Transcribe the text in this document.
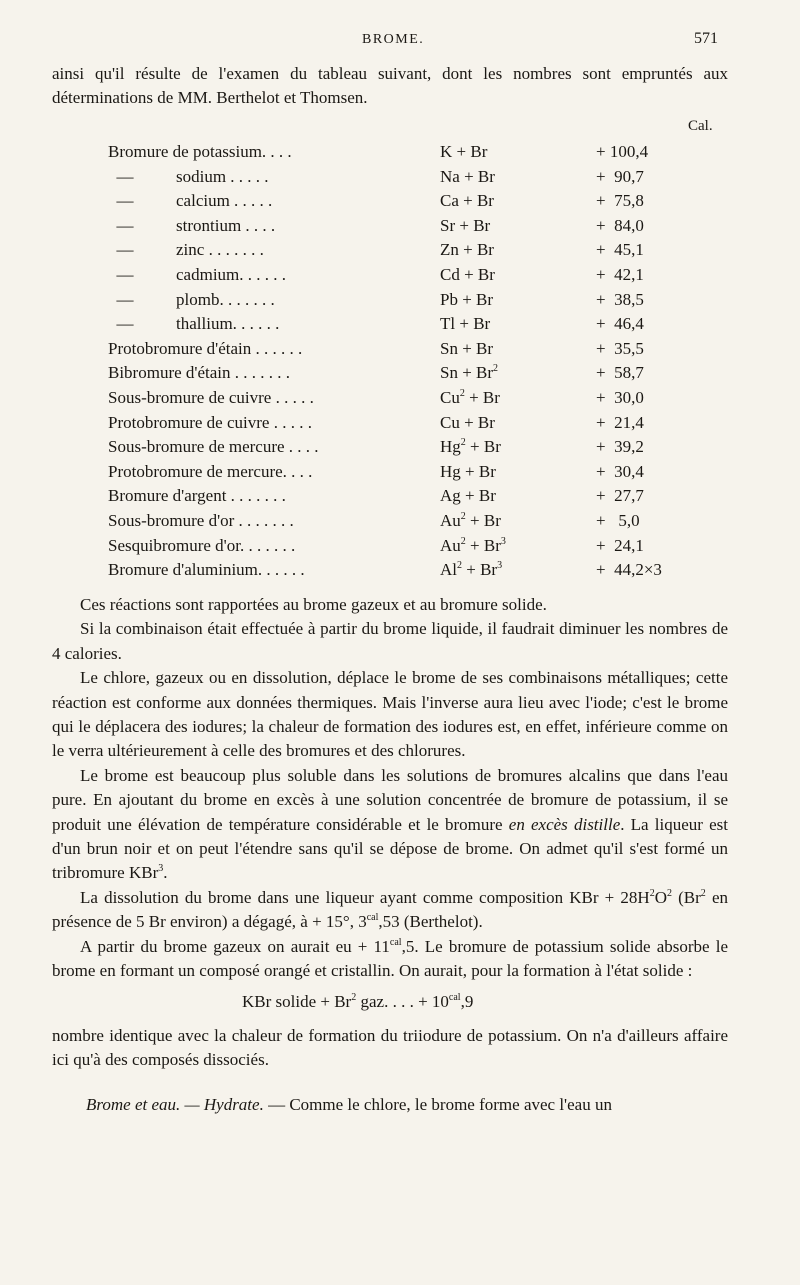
BROME.	571

ainsi qu'il résulte de l'examen du tableau suivant, dont les nombres sont empruntés aux déterminations de MM. Berthelot et Thomsen.

Cal.
Bromure de potassium. . . .	K + Br	+ 100,4
—          sodium . . . . .	Na + Br	+  90,7
—          calcium . . . . .	Ca + Br	+  75,8
—          strontium . . . .	Sr + Br	+  84,0
—          zinc . . . . . . .	Zn + Br	+  45,1
—          cadmium. . . . . .	Cd + Br	+  42,1
—          plomb. . . . . . .	Pb + Br	+  38,5
—          thallium. . . . . .	Tl + Br	+  46,4
Protobromure d'étain . . . . . .	Sn + Br	+  35,5
Bibromure d'étain . . . . . . .	$Sn + Br^2$	+  58,7
Sous-bromure de cuivre . . . . .	$Cu^2 + Br$	+  30,0
Protobromure de cuivre . . . . .	Cu + Br	+  21,4
Sous-bromure de mercure . . . .	$Hg^2 + Br$	+  39,2
Protobromure de mercure. . . .	Hg + Br	+  30,4
Bromure d'argent . . . . . . .	Ag + Br	+  27,7
Sous-bromure d'or . . . . . . .	$Au^2 + Br$	+   5,0
Sesquibromure d'or. . . . . . .	$Au^2 + Br^3$	+  24,1
Bromure d'aluminium. . . . . .	$Al^2 + Br^3$	+  44,2×3

Ces réactions sont rapportées au brome gazeux et au bromure solide.

Si la combinaison était effectuée à partir du brome liquide, il faudrait diminuer les nombres de 4 calories.

Le chlore, gazeux ou en dissolution, déplace le brome de ses combinaisons métalliques; cette réaction est conforme aux données thermiques. Mais l'inverse aura lieu avec l'iode; c'est le brome qui le déplacera des iodures; la chaleur de formation des iodures est, en effet, inférieure comme on le verra ultérieurement à celle des bromures et des chlorures.

Le brome est beaucoup plus soluble dans les solutions de bromures alcalins que dans l'eau pure. En ajoutant du brome en excès à une solution concentrée de bromure de potassium, il se produit une élévation de température considérable et le bromure en excès distille. La liqueur est d'un brun noir et on peut l'étendre sans qu'il se dépose de brome. On admet qu'il s'est formé un tribromure KBr$^3$.

La dissolution du brome dans une liqueur ayant comme composition KBr + $28H^2O^2$ (Br$^2$ en présence de 5 Br environ) a dégagé, à + 15°, $3^{cal},53$ (Berthelot).

A partir du brome gazeux on aurait eu + $11^{cal},5$. Le bromure de potassium solide absorbe le brome en formant un composé orangé et cristallin. On aurait, pour la formation à l'état solide :

KBr solide + $Br^2$ gaz. . . . + $10^{cal},9$

nombre identique avec la chaleur de formation du triiodure de potassium. On n'a d'ailleurs affaire ici qu'à des composés dissociés.

Brome et eau. — Hydrate. — Comme le chlore, le brome forme avec l'eau un
